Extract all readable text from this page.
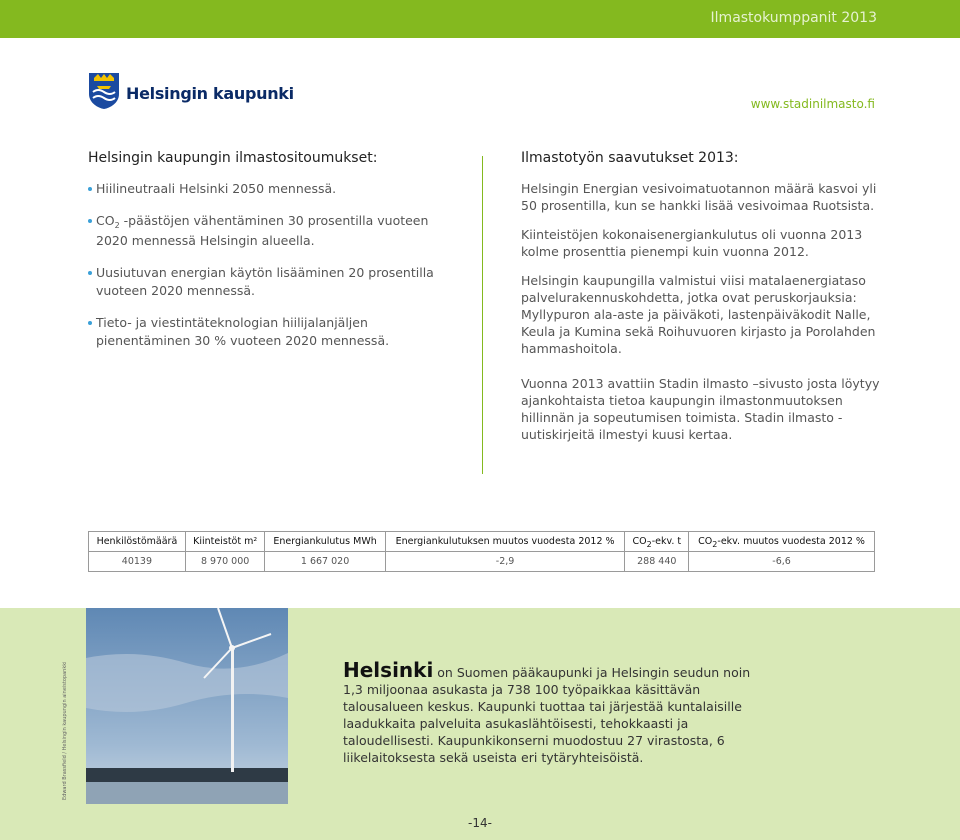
Ilmastokumppanit 2013
Helsingin kaupunki
www.stadinilmasto.fi
Helsingin kaupungin ilmastositoumukset:
Hiilineutraali Helsinki 2050 mennessä.
$CO_2$ -päästöjen vähentäminen 30 prosentilla vuoteen 2020 mennessä Helsingin alueella.
Uusiutuvan energian käytön lisääminen 20 prosentilla vuoteen 2020 mennessä.
Tieto- ja viestintäteknologian hiilijalanjäljen pienentäminen 30 % vuoteen 2020 mennessä.
Ilmastotyön saavutukset 2013:

Helsingin Energian vesivoimatuotannon määrä kasvoi yli 50 prosentilla, kun se hankki lisää vesivoimaa Ruotsista.

Kiinteistöjen kokonaisenergiankulutus oli vuonna 2013 kolme prosenttia pienempi kuin vuonna 2012.

Helsingin kaupungilla valmistui viisi matalaenergiataso palvelurakennuskohdetta, jotka ovat peruskorjauksia: Myllypuron ala-aste ja päiväkoti, lastenpäiväkodit Nalle, Keula ja Kumina sekä Roihuvuoren kirjasto ja Porolahden hammashoitola.

Vuonna 2013 avattiin Stadin ilmasto –sivusto josta löytyy ajankohtaista tietoa kaupungin ilmastonmuutoksen hillinnän ja sopeutumisen toimista. Stadin ilmasto -uutiskirjeitä ilmestyi kuusi kertaa.

Henkilöstömäärä	Kiinteistöt m²	Energiankulutus MWh	Energiankulutuksen muutos vuodesta 2012 %	$CO_2$-ekv. t	$CO_2$-ekv. muutos vuodesta 2012 %
40139	8 970 000	1 667 020	-2,9	288 440	-6,6
Edward Brassfield / Helsingin kaupungin aineistopankki	Helsinki on Suomen pääkaupunki ja Helsingin seudun noin 1,3 miljoonaa asukasta ja 738 100 työpaikkaa käsittävän talousalueen keskus. Kaupunki tuottaa tai järjestää kuntalaisille laadukkaita palveluita asukaslähtöisesti, tehokkaasti ja taloudellisesti. Kaupunkikonserni muodostuu 27 virastosta, 6 liikelaitoksesta sekä useista eri tytäryhteisöistä.
-14-
